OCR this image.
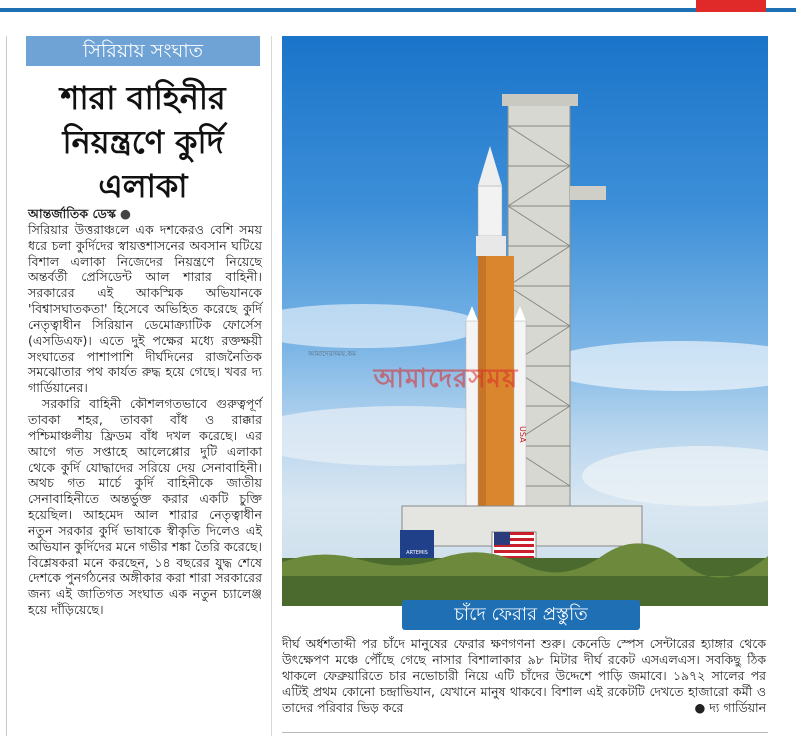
সিরিয়ায় সংঘাত
শারা বাহিনীর নিয়ন্ত্রণে কুর্দি এলাকা

আন্তর্জাতিক ডেস্ক ●
সিরিয়ার উত্তরাঞ্চলে এক দশকেরও বেশি সময় ধরে চলা কুর্দিদের স্বায়ত্তশাসনের অবসান ঘটিয়ে বিশাল এলাকা নিজেদের নিয়ন্ত্রণে নিয়েছে অন্তর্বর্তী প্রেসিডেন্ট আল শারার বাহিনী। সরকারের এই আকস্মিক অভিযানকে 'বিশ্বাসঘাতকতা' হিসেবে অভিহিত করেছে কুর্দি নেতৃত্বাধীন সিরিয়ান ডেমোক্র্যাটিক ফোর্সেস (এসডিএফ)। এতে দুই পক্ষের মধ্যে রক্তক্ষয়ী সংঘাতের পাশাপাশি দীর্ঘদিনের রাজনৈতিক সমঝোতার পথ কার্যত রুদ্ধ হয়ে গেছে। খবর দ্য গার্ডিয়ানের।

সরকারি বাহিনী কৌশলগতভাবে গুরুত্বপূর্ণ তাবকা শহর, তাবকা বাঁধ ও রাক্কার পশ্চিমাঞ্চলীয় ফ্রিডম বাঁধ দখল করেছে। এর আগে গত সপ্তাহে আলেপ্পোর দুটি এলাকা থেকে কুর্দি যোদ্ধাদের সরিয়ে দেয় সেনাবাহিনী। অথচ গত মার্চে কুর্দি বাহিনীকে জাতীয় সেনাবাহিনীতে অন্তর্ভুক্ত করার একটি চুক্তি হয়েছিল। আহমেদ আল শারার নেতৃত্বাধীন নতুন সরকার কুর্দি ভাষাকে স্বীকৃতি দিলেও এই অভিযান কুর্দিদের মনে গভীর শঙ্কা তৈরি করেছে। বিশ্লেষকরা মনে করছেন, ১৪ বছরের যুদ্ধ শেষে দেশকে পুনর্গঠনের অঙ্গীকার করা শারা সরকারের জন্য এই জাতিগত সংঘাত এক নতুন চ্যালেঞ্জ হয়ে দাঁড়িয়েছে।

USA
ARTEMIS
আমাদেরসময়.কম
আমাদেরসময়
চাঁদে ফেরার প্রস্তুতি
দীর্ঘ অর্ধশতাব্দী পর চাঁদে মানুষের ফেরার ক্ষণগণনা শুরু। কেনেডি স্পেস সেন্টারের হ্যাঙ্গার থেকে উৎক্ষেপণ মঞ্চে পৌঁছে গেছে নাসার বিশালাকার ৯৮ মিটার দীর্ঘ রকেট এসএলএস। সবকিছু ঠিক থাকলে ফেব্রুয়ারিতে চার নভোচারী নিয়ে এটি চাঁদের উদ্দেশে পাড়ি জমাবে। ১৯৭২ সালের পর এটিই প্রথম কোনো চন্দ্রাভিযান, যেখানে মানুষ থাকবে। বিশাল এই রকেটটি দেখতে হাজারো কর্মী ও তাদের পরিবার ভিড় করে	● দ্য গার্ডিয়ান
